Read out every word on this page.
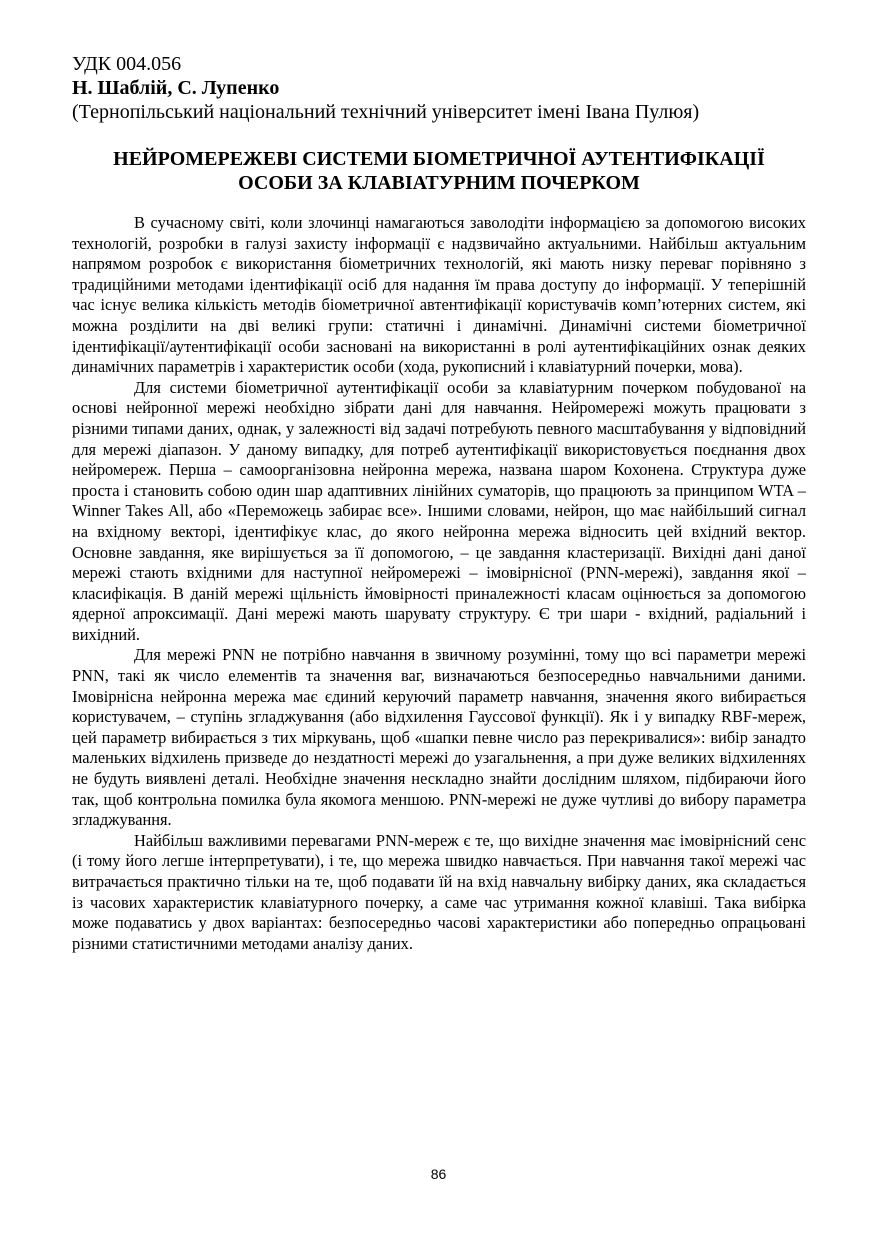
УДК 004.056
Н. Шаблій, С. Лупенко
(Тернопільський національний технічний університет імені Івана Пулюя)
НЕЙРОМЕРЕЖЕВІ СИСТЕМИ БІОМЕТРИЧНОЇ АУТЕНТИФІКАЦІЇ
ОСОБИ ЗА КЛАВІАТУРНИМ ПОЧЕРКОМ

В сучасному світі, коли злочинці намагаються заволодіти інформацією за допомогою високих технологій, розробки в галузі захисту інформації є надзвичайно актуальними. Найбільш актуальним напрямом розробок є використання біометричних технологій, які мають низку переваг порівняно з традиційними методами ідентифікації осіб для надання їм права доступу до інформації. У теперішній час існує велика кількість методів біометричної автентифікації користувачів комп’ютерних систем, які можна розділити на дві великі групи: статичні і динамічні. Динамічні системи біометричної ідентифікації/аутентифікації особи засновані на використанні в ролі аутентифікаційних ознак деяких динамічних параметрів і характеристик особи (хода, рукописний і клавіатурний почерки, мова).

Для системи біометричної аутентифікації особи за клавіатурним почерком побудованої на основі нейронної мережі необхідно зібрати дані для навчання. Нейромережі можуть працювати з різними типами даних, однак, у залежності від задачі потребують певного масштабування у відповідний для мережі діапазон. У даному випадку, для потреб аутентифікації використовується поєднання двох нейромереж. Перша – самоорганізовна нейронна мережа, названа шаром Кохонена. Структура дуже проста і становить собою один шар адаптивних лінійних суматорів, що працюють за принципом WTA – Winner Takes All, або «Переможець забирає все». Іншими словами, нейрон, що має найбільший сигнал на вхідному векторі, ідентифікує клас, до якого нейронна мережа відносить цей вхідний вектор. Основне завдання, яке вирішується за її допомогою, – це завдання кластеризації. Вихідні дані даної мережі стають вхідними для наступної нейромережі – імовірнісної (PNN-мережі), завдання якої – класифікація. В даній мережі щільність ймовірності приналежності класам оцінюється за допомогою ядерної апроксимації. Дані мережі мають шарувату структуру. Є три шари - вхідний, радіальний і вихідний.

Для мережі PNN не потрібно навчання в звичному розумінні, тому що всі параметри мережі PNN, такі як число елементів та значення ваг, визначаються безпосередньо навчальними даними. Імовірнісна нейронна мережа має єдиний керуючий параметр навчання, значення якого вибирається користувачем, – ступінь згладжування (або відхилення Гауссової функції). Як і у випадку RBF-мереж, цей параметр вибирається з тих міркувань, щоб «шапки певне число раз перекривалися»: вибір занадто маленьких відхилень призведе до нездатності мережі до узагальнення, а при дуже великих відхиленнях не будуть виявлені деталі. Необхідне значення нескладно знайти дослідним шляхом, підбираючи його так, щоб контрольна помилка була якомога меншою. PNN-мережі не дуже чутливі до вибору параметра згладжування.

Найбільш важливими перевагами PNN-мереж є те, що вихідне значення має імовірнісний сенс (і тому його легше інтерпретувати), і те, що мережа швидко навчається. При навчання такої мережі час витрачається практично тільки на те, щоб подавати їй на вхід навчальну вибірку даних, яка складається із часових характеристик клавіатурного почерку, а саме час утримання кожної клавіші. Така вибірка може подаватись у двох варіантах: безпосередньо часові характеристики або попередньо опрацьовані різними статистичними методами аналізу даних.

86
